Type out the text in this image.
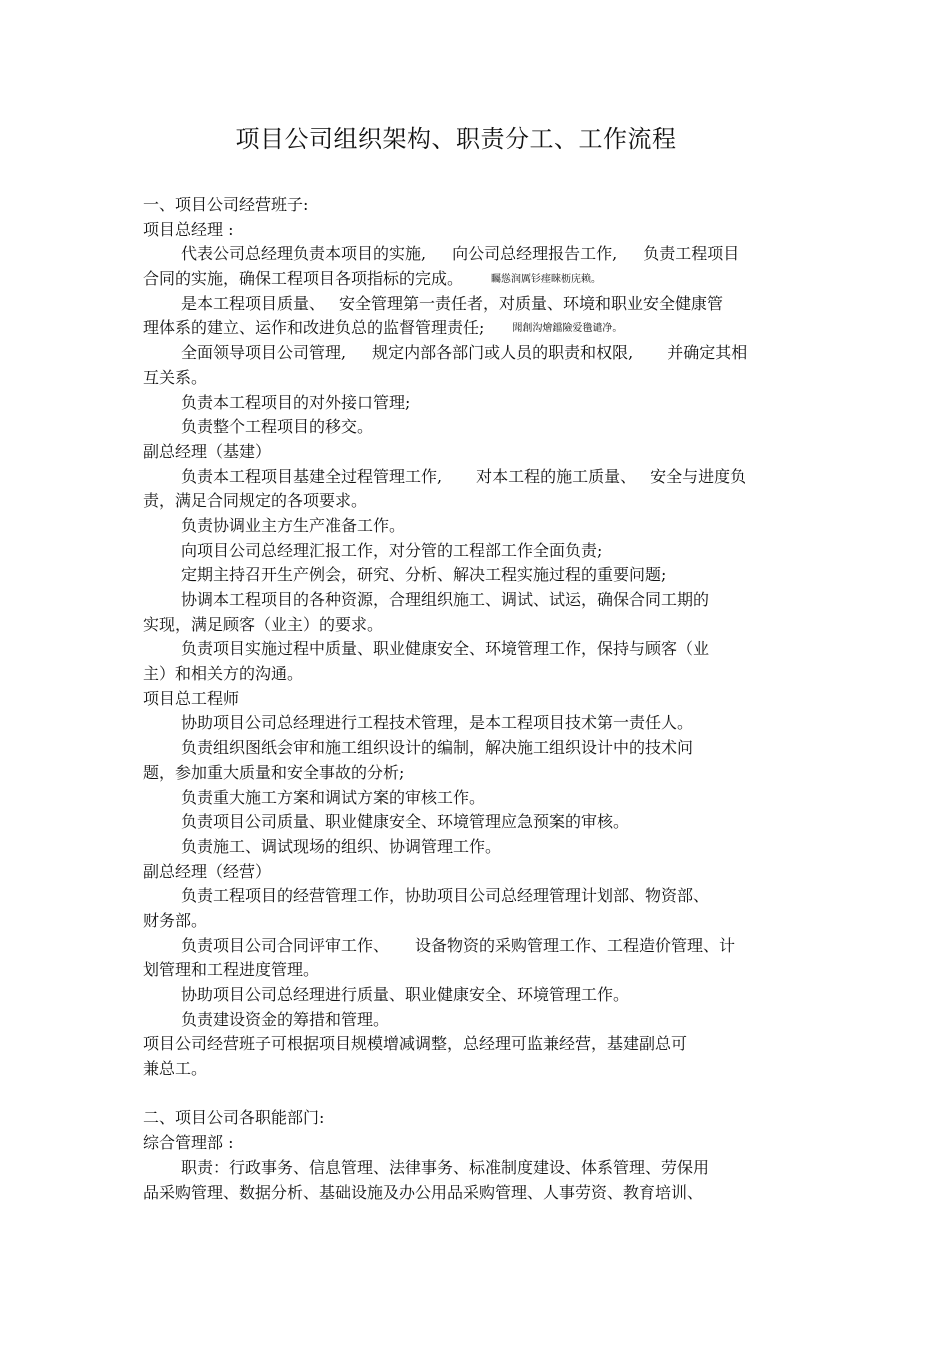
项目公司组织架构、职责分工、工作流程
一、项目公司经营班子:
项目总经理 :
代表公司总经理负责本项目的实施, 向公司总经理报告工作, 负责工程项目
合同的实施，确保工程项目各项指标的完成。	矚慫润厲钐瘗睞枥庑赖。
是本工程项目质量、 安全管理第一责任者，对质量、环境和职业安全健康管
理体系的建立、运作和改进负总的监督管理责任;	聞創沟燴鐺險爱氇谴净。
全面领导项目公司管理, 规定内部各部门或人员的职责和权限, 并确定其相
互关系。
负责本工程项目的对外接口管理;
负责整个工程项目的移交。
副总经理（基建）
负责本工程项目基建全过程管理工作, 对本工程的施工质量、 安全与进度负
责，满足合同规定的各项要求。
负责协调业主方生产准备工作。
向项目公司总经理汇报工作，对分管的工程部工作全面负责;
定期主持召开生产例会，研究、分析、解决工程实施过程的重要问题;
协调本工程项目的各种资源，合理组织施工、调试、试运，确保合同工期的
实现，满足顾客（业主）的要求。
负责项目实施过程中质量、职业健康安全、环境管理工作，保持与顾客（业
主）和相关方的沟通。
项目总工程师
协助项目公司总经理进行工程技术管理，是本工程项目技术第一责任人。
负责组织图纸会审和施工组织设计的编制，解决施工组织设计中的技术问
题，参加重大质量和安全事故的分析;
负责重大施工方案和调试方案的审核工作。
负责项目公司质量、职业健康安全、环境管理应急预案的审核。
负责施工、调试现场的组织、协调管理工作。
副总经理（经营）
负责工程项目的经营管理工作，协助项目公司总经理管理计划部、物资部、
财务部。
负责项目公司合同评审工作、 设备物资的采购管理工作、工程造价管理、计
划管理和工程进度管理。
协助项目公司总经理进行质量、职业健康安全、环境管理工作。
负责建设资金的筹措和管理。
项目公司经营班子可根据项目规模增减调整，总经理可监兼经营，基建副总可
兼总工。
二、项目公司各职能部门:
综合管理部 :
职责：行政事务、信息管理、法律事务、标准制度建设、体系管理、劳保用
品采购管理、数据分析、基础设施及办公用品采购管理、人事劳资、教育培训、
